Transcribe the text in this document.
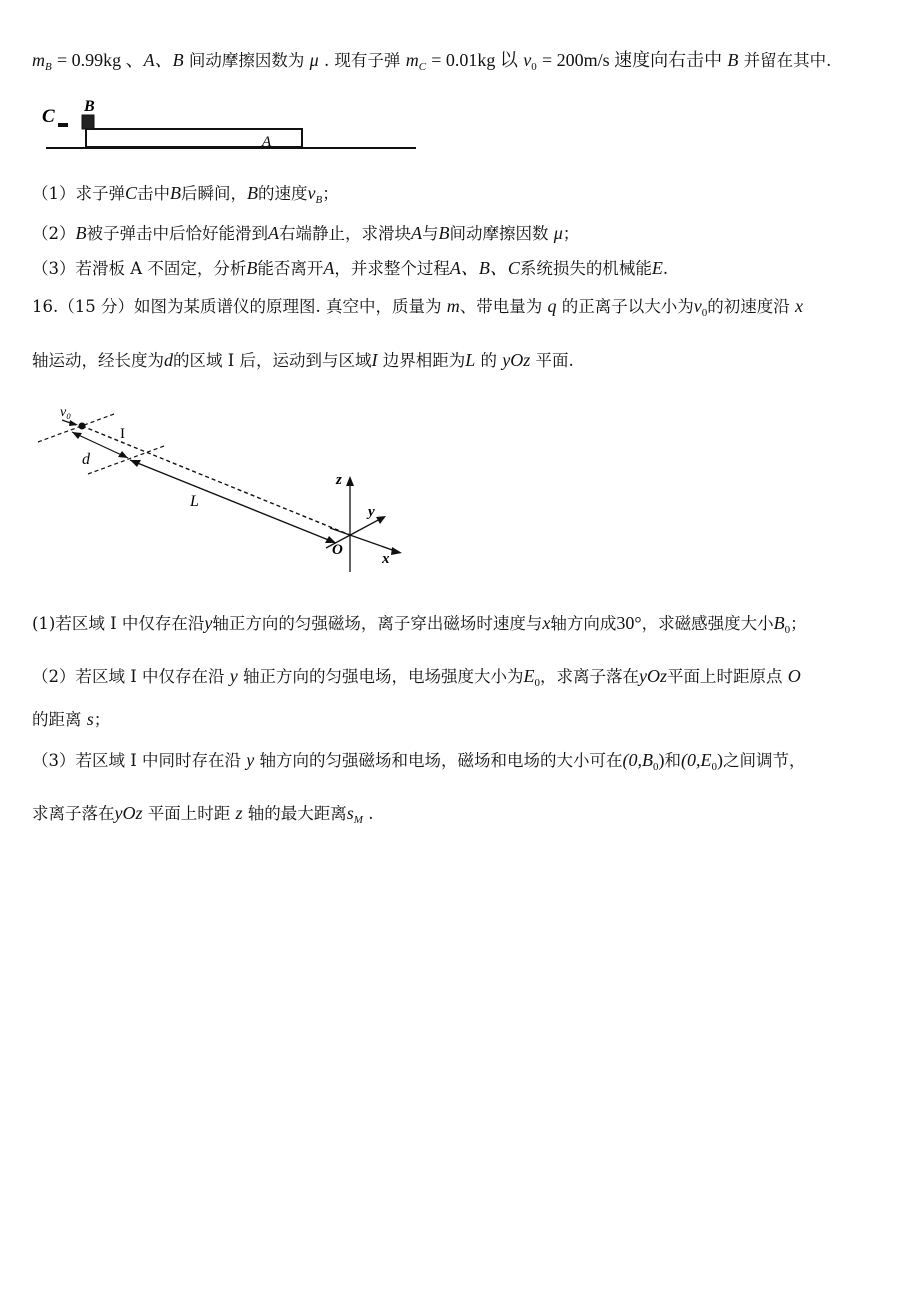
$m_B = 0.99kg$ 、A、B 间动摩擦因数为 μ . 现有子弹 $m_C = 0.01kg$ 以 $v_0 = 200m/s$ 速度向右击中 B 并留在其中.
C B
A
（1）求子弹C击中B后瞬间，B的速度$v_B$；
（2）B被子弹击中后恰好能滑到A右端静止，求滑块A与B间动摩擦因数 μ；
（3）若滑板 A 不固定，分析B能否离开A，并求整个过程A、B、C系统损失的机械能E.
16.（15 分）如图为某质谱仪的原理图. 真空中，质量为 m、带电量为 q 的正离子以大小为$v_0$的初速度沿 x
轴运动，经长度为d的区域 I 后，运动到与区域I 边界相距为L 的 yOz 平面.
v₀
I
d
L
z
y
O
x
(1)若区域 I 中仅存在沿y轴正方向的匀强磁场，离子穿出磁场时速度与x轴方向成30°，求磁感强度大小$B_0$；
（2）若区域 I 中仅存在沿 y 轴正方向的匀强电场，电场强度大小为$E_0$，求离子落在yOz平面上时距原点 O
的距离 s；
（3）若区域 I 中同时存在沿 y 轴方向的匀强磁场和电场，磁场和电场的大小可在$(0,B_0)$和$(0,E_0)$之间调节，
求离子落在yOz 平面上时距 z 轴的最大距离$s_M$ .
